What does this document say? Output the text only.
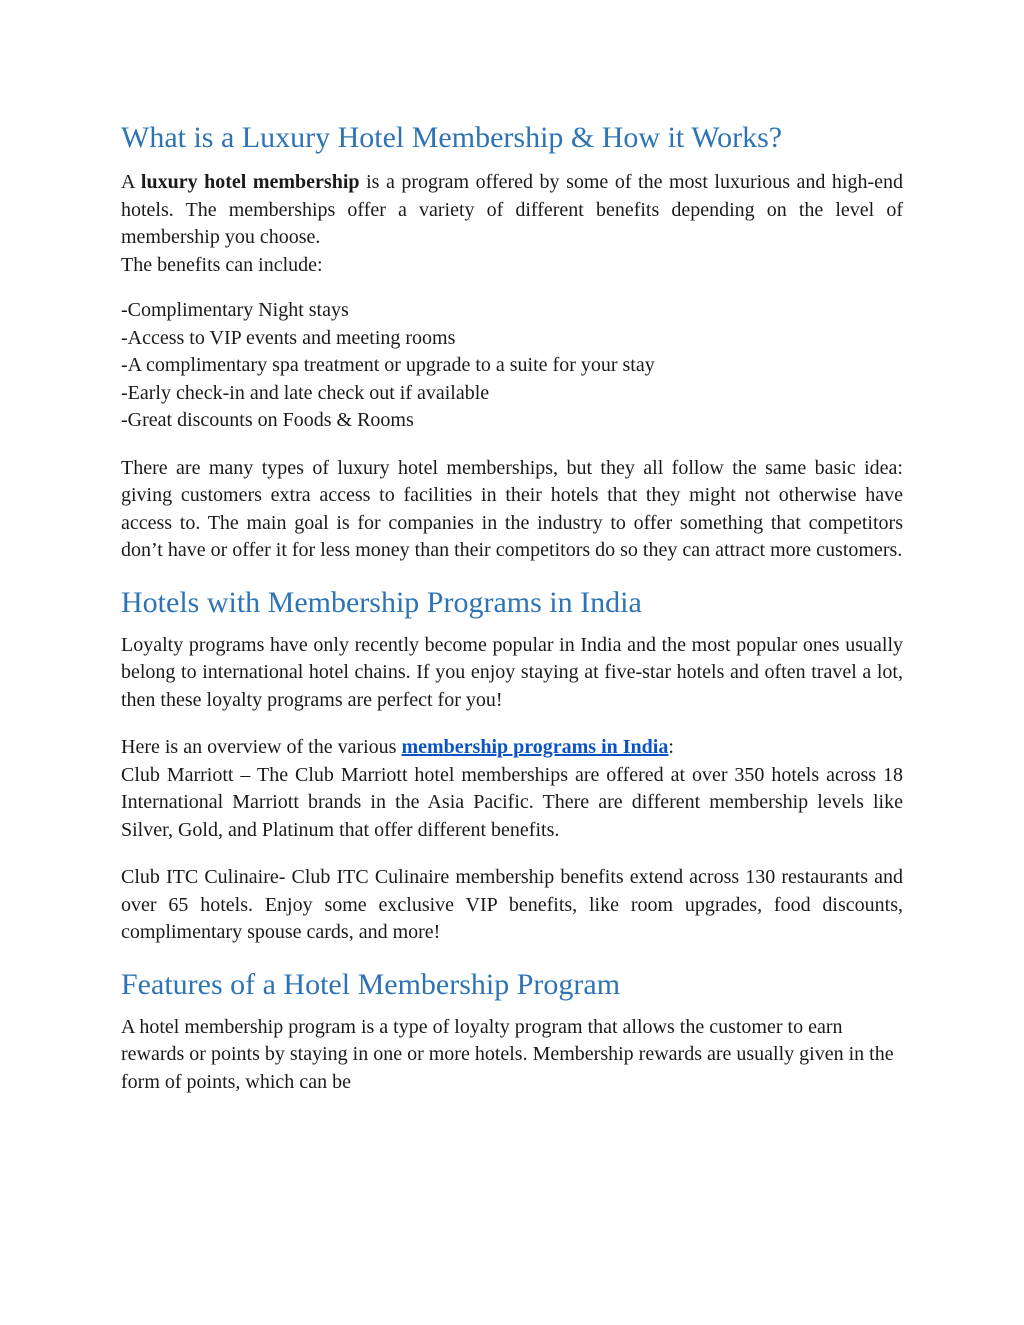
What is a Luxury Hotel Membership & How it Works?

A luxury hotel membership is a program offered by some of the most luxurious and high-end hotels. The memberships offer a variety of different benefits depending on the level of membership you choose.

The benefits can include:

-Complimentary Night stays
-Access to VIP events and meeting rooms
-A complimentary spa treatment or upgrade to a suite for your stay
-Early check-in and late check out if available
-Great discounts on Foods & Rooms

There are many types of luxury hotel memberships, but they all follow the same basic idea: giving customers extra access to facilities in their hotels that they might not otherwise have access to. The main goal is for companies in the industry to offer something that competitors don’t have or offer it for less money than their competitors do so they can attract more customers.

Hotels with Membership Programs in India

Loyalty programs have only recently become popular in India and the most popular ones usually belong to international hotel chains. If you enjoy staying at five-star hotels and often travel a lot, then these loyalty programs are perfect for you!

Here is an overview of the various membership programs in India:

Club Marriott – The Club Marriott hotel memberships are offered at over 350 hotels across 18 International Marriott brands in the Asia Pacific. There are different membership levels like Silver, Gold, and Platinum that offer different benefits.

Club ITC Culinaire- Club ITC Culinaire membership benefits extend across 130 restaurants and over 65 hotels. Enjoy some exclusive VIP benefits, like room upgrades, food discounts, complimentary spouse cards, and more!

Features of a Hotel Membership Program

A hotel membership program is a type of loyalty program that allows the customer to earn rewards or points by staying in one or more hotels. Membership rewards are usually given in the form of points, which can be
